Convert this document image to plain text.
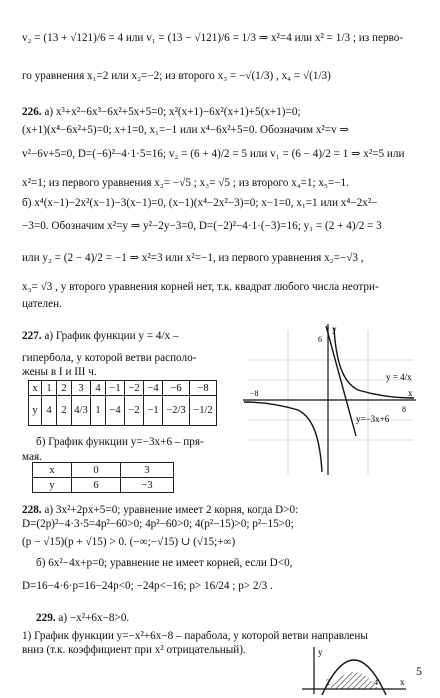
v₂ = (13 + √121)/6 = 4 или v₁ = (13 − √121)/6 = 1/3 ⇒ x²=4 или x² = 1/3 ; из перво-
го уравнения x₁=2 или x₂=−2; из второго x₃ = −√(1/3) , x₄ = √(1/3)
226. а) x³+x²−6x³−6x²+5x+5=0; x²(x+1)−6x²(x+1)+5(x+1)=0;
(x+1)(x⁴−6x²+5)=0; x+1=0, x₁=−1 или x⁴−6x²+5=0. Обозначим x²=v ⇒
v²−6v+5=0, D=(−6)²−4·1·5=16; v₂ = (6 + 4)/2 = 5 или v₁ = (6 − 4)/2 = 1 ⇒ x²=5 или
x²=1; из первого уравнения x₂= −√5 ; x₃= √5 ; из второго x₄=1; x₅=−1.
б) x⁴(x−1)−2x²(x−1)−3(x−1)=0, (x−1)(x⁴−2x²−3)=0; x−1=0, x₁=1 или x⁴−2x²−
−3=0. Обозначим x²=y ⇒ y²−2y−3=0, D=(−2)²−4·1·(−3)=16; y₁ = (2 + 4)/2 = 3
или y₂ = (2 − 4)/2 = −1 ⇒ x²=3 или x²=−1, из первого уравнения x₂=−√3 ,
x₃= √3 , у второго уравнения корней нет, т.к. квадрат любого числа неотри-
цателен.
227. а) График функции y = 4/x –
гипербола, у которой ветви располо-
жены в I и III ч.
x	1	2	3	4	−1	−2	−4	−6	−8
y	4	2	4/3	1	−4	−2	−1	−2/3	−1/2
б) График функции y=−3x+6 – пря-
мая.
x	0	3
y	6	−3
y = 4/x
y=−3x+6
y
x
−8
8
6
228. а) 3x²+2px+5=0; уравнение имеет 2 корня, когда D>0:
D=(2p)²−4·3·5=4p²−60>0; 4p²−60>0; 4(p²−15)>0; p²−15>0;
(p − √15)(p + √15) > 0. (−∞;−√15) ∪ (√15;+∞)
б) 6x²−4x+p=0; уравнение не имеет корней, если D<0,
D=16−4·6·p=16−24p<0; −24p<−16; p> 16/24 ; p> 2/3 .
229. а) −x²+6x−8>0.
1) График функции y=−x²+6x−8 – парабола, у которой ветви направлены
вниз (т.к. коэффициент при x² отрицательный).	y
x
2	4
5
